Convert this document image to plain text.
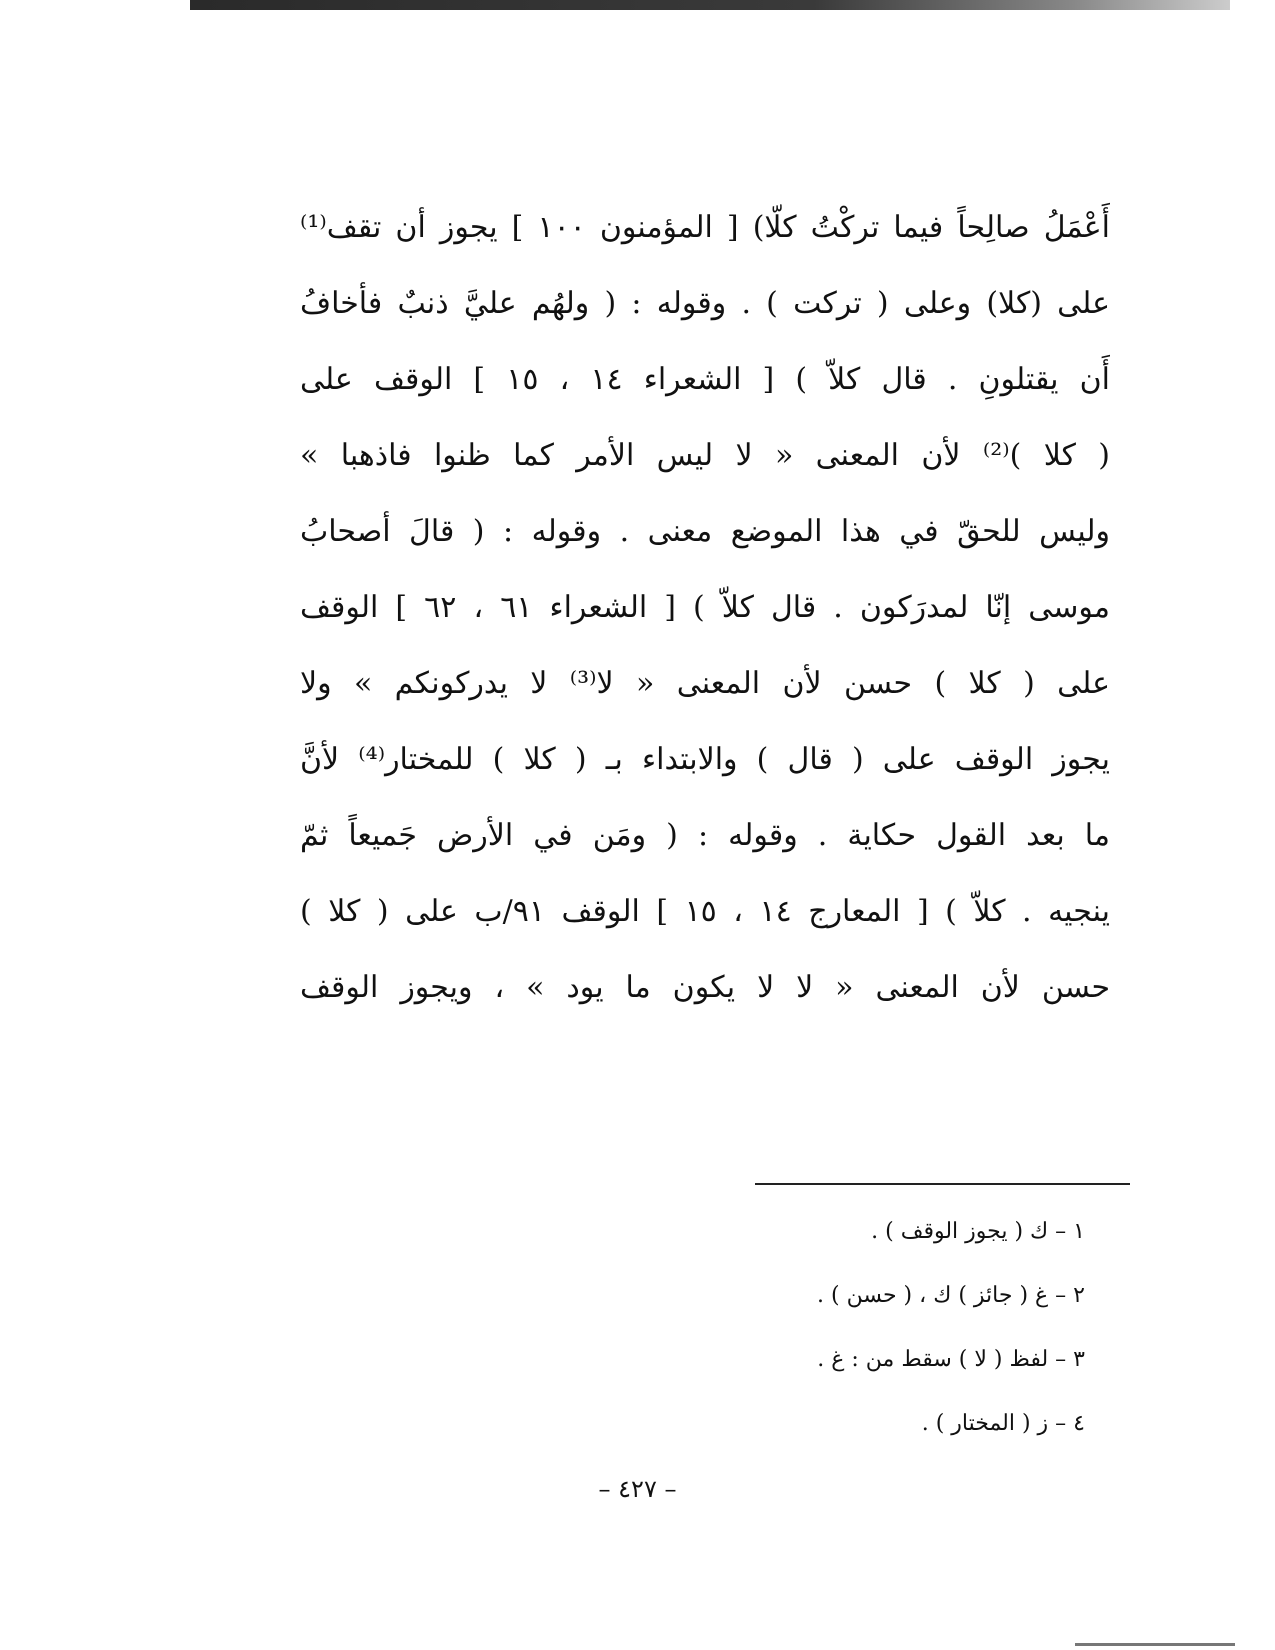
أَعْمَلُ صالِحاً فيما تركْتُ كلّا) [ المؤمنون ١٠٠ ] يجوز أن تقف⁽¹⁾
على (كلا) وعلى ( تركت ) . وقوله : ( ولهُم عليَّ ذنبٌ فأخافُ
أَن يقتلونِ . قال كلاّ ) [ الشعراء ١٤ ، ١٥ ] الوقف على
( كلا )⁽²⁾ لأن المعنى « لا ليس الأمر كما ظنوا فاذهبا »
وليس للحقّ في هذا الموضع معنى . وقوله : ( قالَ أصحابُ
موسى إنّا لمدرَكون . قال كلاّ ) [ الشعراء ٦١ ، ٦٢ ] الوقف
على ( كلا ) حسن لأن المعنى « لا⁽³⁾ لا يدركونكم » ولا
يجوز الوقف على ( قال ) والابتداء بـ ( كلا ) للمختار⁽⁴⁾ لأنَّ
ما بعد القول حكاية . وقوله : ( ومَن في الأرض جَميعاً ثمّ
ينجيه . كلاّ ) [ المعارج ١٤ ، ١٥ ] الوقف ٩١/ب على ( كلا )
حسن لأن المعنى « لا لا يكون ما يود » ، ويجوز الوقف
١ – ك ( يجوز الوقف ) .
٢ – غ ( جائز ) ك ، ( حسن ) .
٣ – لفظ ( لا ) سقط من : غ .
٤ – ز ( المختار ) .
– ٤٢٧ –
